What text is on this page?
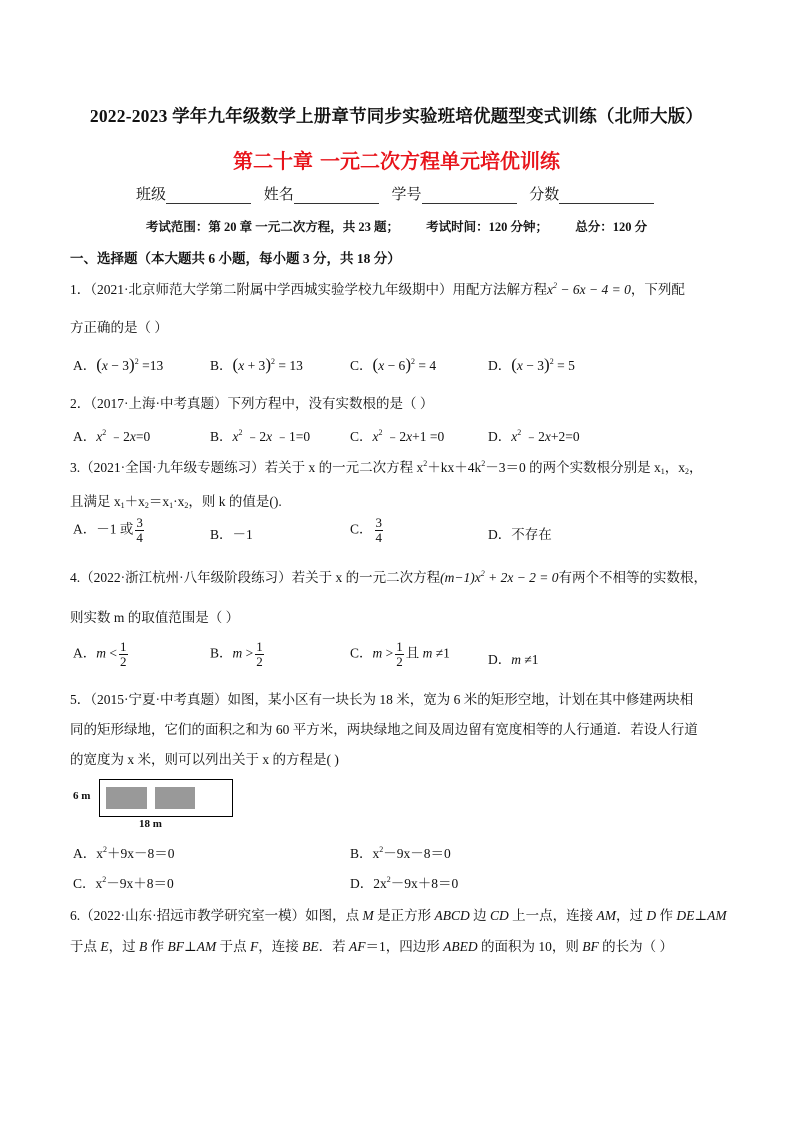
2022-2023 学年九年级数学上册章节同步实验班培优题型变式训练（北师大版）
第二十章 一元二次方程单元培优训练
班级	姓名	学号	分数
考试范围：第 20 章 一元二次方程，共 23 题； 考试时间：120 分钟； 总分：120 分
一、选择题（本大题共 6 小题，每小题 3 分，共 18 分）
1．（2021·北京师范大学第二附属中学西城实验学校九年级期中）用配方法解方程$x^2 - 6x - 4 = 0$，下列配
方正确的是（ ）
A．$(x - 3)^2 =13$	B．$(x + 3)^2 = 13$	C．$(x - 6)^2 = 4$	D．$(x - 3)^2 = 5$
2．（2017·上海·中考真题）下列方程中，没有实数根的是（ ）
A．$x^2$ ﹣2x=0	B．$x^2$ ﹣2x ﹣1=0	C．$x^2$ ﹣2x+1 =0	D．$x^2$ ﹣2x+2=0
3.（2021·全国·九年级专题练习）若关于 x 的一元二次方程 $x^2+kx+4k^2-3=0$ 的两个实数根分别是 $x_1$，$x_2$，
且满足 $x_1+x_2=x_1\cdot x_2$，则 k 的值是().
A．－1 或 $\frac{3}{4}$	B．－1	C． $\frac{3}{4}$	D．不存在
4.（2022·浙江杭州·八年级阶段练习）若关于 x 的一元二次方程$(m-1)x^2 + 2x - 2 = 0$有两个不相等的实数根，
则实数 m 的取值范围是（ ）
A．$m < \frac{1}{2}$	B．$m > \frac{1}{2}$	C．$m > \frac{1}{2}$ 且 m ≠1	D．m ≠1
5．（2015·宁夏·中考真题）如图，某小区有一块长为 18 米，宽为 6 米的矩形空地，计划在其中修建两块相
同的矩形绿地，它们的面积之和为 60 平方米，两块绿地之间及周边留有宽度相等的人行通道．若设人行道
的宽度为 x 米，则可以列出关于 x 的方程是( )
6 m
18 m
A．$x^2+9x-8=0$	B．$x^2-9x-8=0$
C．$x^2-9x+8=0$	D．$2x^2-9x+8=0$
6.（2022·山东·招远市教学研究室一模）如图，点 M 是正方形 ABCD 边 CD 上一点，连接 AM，过 D 作 DE⊥AM
于点 E，过 B 作 BF⊥AM 于点 F，连接 BE．若 AF＝1，四边形 ABED 的面积为 10，则 BF 的长为（ ）
